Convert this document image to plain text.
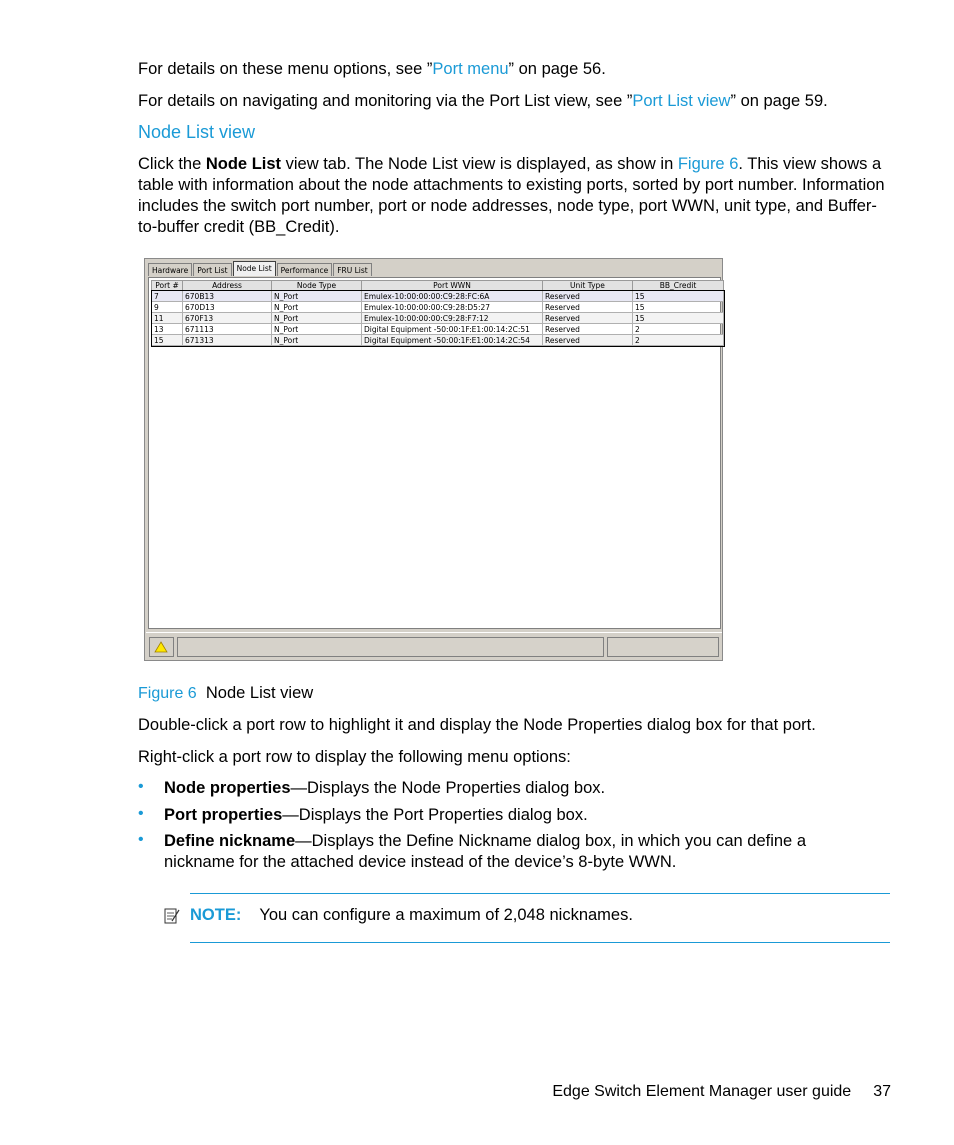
For details on these menu options, see ”Port menu” on page 56.
For details on navigating and monitoring via the Port List view, see ”Port List view” on page 59.
Node List view
Click the Node List view tab. The Node List view is displayed, as show in Figure 6. This view shows a table with information about the node attachments to existing ports, sorted by port number. Information includes the switch port number, port or node addresses, node type, port WWN, unit type, and Buffer-to-buffer credit (BB_Credit).
Hardware	Port List	Node List	Performance	FRU List
Port #	Address	Node Type	Port WWN	Unit Type	BB_Credit
7	670B13	N_Port	Emulex-10:00:00:00:C9:28:FC:6A	Reserved	15
9	670D13	N_Port	Emulex-10:00:00:00:C9:28:D5:27	Reserved	15
11	670F13	N_Port	Emulex-10:00:00:00:C9:28:F7:12	Reserved	15
13	671113	N_Port	Digital Equipment -50:00:1F:E1:00:14:2C:51	Reserved	2
15	671313	N_Port	Digital Equipment -50:00:1F:E1:00:14:2C:54	Reserved	2
Figure 6 Node List view
Double-click a port row to highlight it and display the Node Properties dialog box for that port.
Right-click a port row to display the following menu options:
• Node properties—Displays the Node Properties dialog box.
• Port properties—Displays the Port Properties dialog box.
• Define nickname—Displays the Define Nickname dialog box, in which you can define a nickname for the attached device instead of the device’s 8-byte WWN.
NOTE: You can configure a maximum of 2,048 nicknames.
Edge Switch Element Manager user guide 37
